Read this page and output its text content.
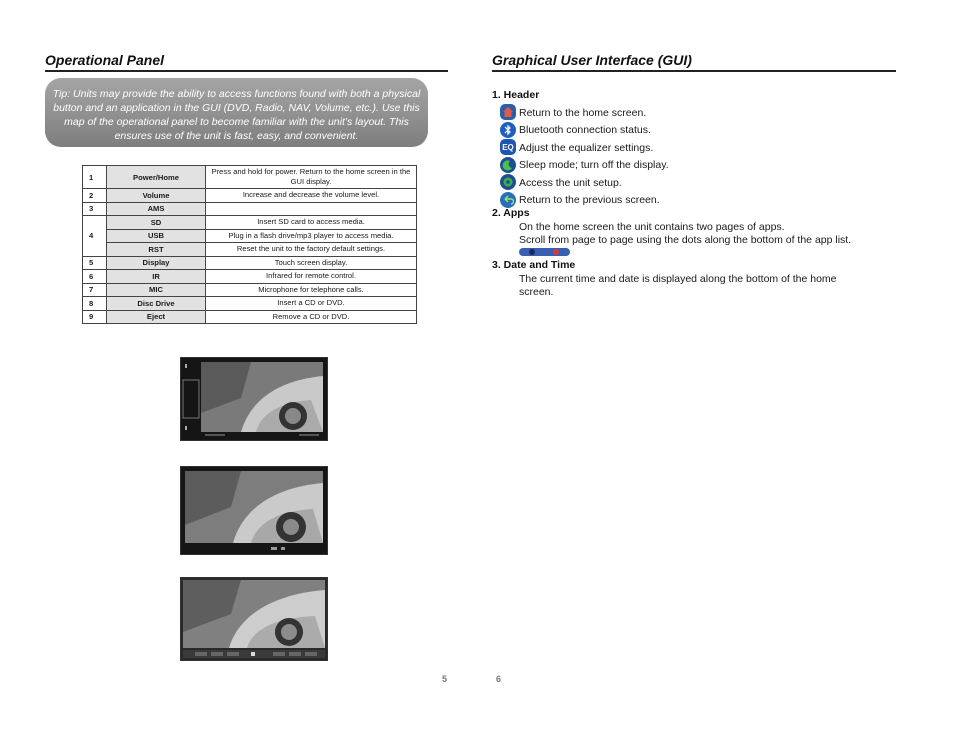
Operational Panel
Tip: Units may provide the ability to access functions found with both a physical button and an application in the GUI (DVD, Radio, NAV, Volume, etc.). Use this map of the operational panel to become familiar with the unit’s layout. This ensures use of the unit is fast, easy, and convenient.
1	Power/Home	Press and hold for power. Return to the home screen in the GUI display.
2	Volume	Increase and decrease the volume level.
3	AMS	
4	SD	Insert SD card to access media.
	USB	Plug in a flash drive/mp3 player to access media.
	RST	Reset the unit to the factory default settings.
5	Display	Touch screen display.
6	IR	Infrared for remote control.
7	MIC	Microphone for telephone calls.
8	Disc Drive	Insert a CD or DVD.
9	Eject	Remove a CD or DVD.
5
Graphical User Interface (GUI)
1. Header
Return to the home screen.
Bluetooth connection status.
EQ Adjust the equalizer settings.
Sleep mode; turn off the display.
Access the unit setup.
Return to the previous screen.
2. Apps
On the home screen the unit contains two pages of apps.
Scroll from page to page using the dots along the bottom of the app list.
3. Date and Time
The current time and date is displayed along the bottom of the home
screen.
6
